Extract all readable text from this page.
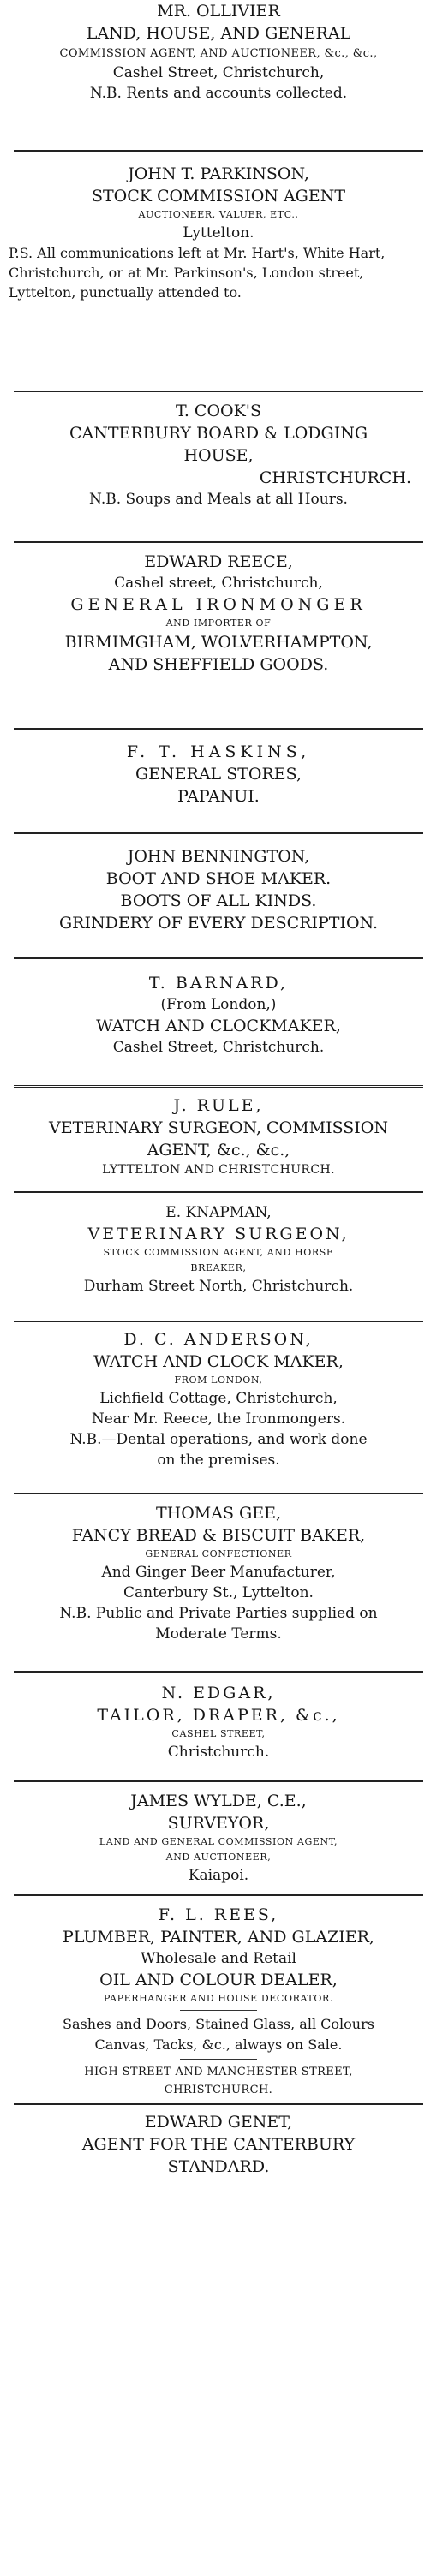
MR. OLLIVIER
LAND, HOUSE, AND GENERAL
COMMISSION AGENT, AND AUCTIONEER, &c., &c.,
Cashel Street, Christchurch,
N.B. Rents and accounts collected.
JOHN T. PARKINSON,
STOCK COMMISSION AGENT
AUCTIONEER, VALUER, ETC.,
Lyttelton.
P.S. All communications left at Mr. Hart's, White Hart, Christchurch, or at Mr. Parkinson's, London street, Lyttelton, punctually attended to.
T. COOK'S
CANTERBURY BOARD & LODGING
HOUSE,
CHRISTCHURCH.
N.B. Soups and Meals at all Hours.
EDWARD REECE,
Cashel street, Christchurch,
GENERAL IRONMONGER
AND IMPORTER OF
BIRMIMGHAM, WOLVERHAMPTON,
AND SHEFFIELD GOODS.
F. T. HASKINS,
GENERAL STORES,
PAPANUI.
JOHN BENNINGTON,
BOOT AND SHOE MAKER.
BOOTS OF ALL KINDS.
GRINDERY OF EVERY DESCRIPTION.
T. BARNARD,
(From London,)
WATCH AND CLOCKMAKER,
Cashel Street, Christchurch.
J. RULE,
VETERINARY SURGEON, COMMISSION
AGENT, &c., &c.,
LYTTELTON AND CHRISTCHURCH.
E. KNAPMAN,
VETERINARY SURGEON,
STOCK COMMISSION AGENT, AND HORSE
BREAKER,
Durham Street North, Christchurch.
D. C. ANDERSON,
WATCH AND CLOCK MAKER,
FROM LONDON,
Lichfield Cottage, Christchurch,
Near Mr. Reece, the Ironmongers.
N.B.—Dental operations, and work done
on the premises.
THOMAS GEE,
FANCY BREAD & BISCUIT BAKER,
GENERAL CONFECTIONER
And Ginger Beer Manufacturer,
Canterbury St., Lyttelton.
N.B. Public and Private Parties supplied on
Moderate Terms.
N. EDGAR,
TAILOR, DRAPER, &c.,
CASHEL STREET,
Christchurch.
JAMES WYLDE, C.E.,
SURVEYOR,
LAND AND GENERAL COMMISSION AGENT,
AND AUCTIONEER,
Kaiapoi.
F. L. REES,
PLUMBER, PAINTER, AND GLAZIER,
Wholesale and Retail
OIL AND COLOUR DEALER,
PAPERHANGER AND HOUSE DECORATOR.
Sashes and Doors, Stained Glass, all Colours
Canvas, Tacks, &c., always on Sale.
HIGH STREET AND MANCHESTER STREET,
CHRISTCHURCH.
EDWARD GENET,
AGENT FOR THE CANTERBURY
STANDARD.
